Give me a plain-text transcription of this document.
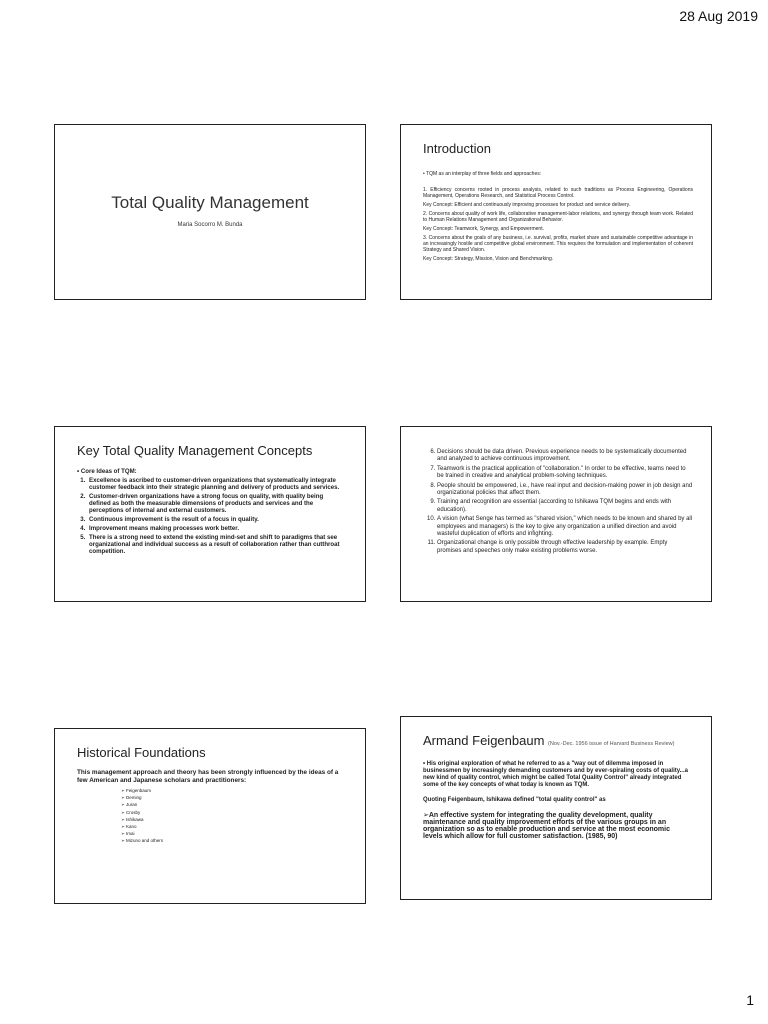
28 Aug 2019
Total Quality Management
Maria Socorro M. Bunda
Introduction

• TQM as an interplay of three fields and approaches:

1. Efficiency concerns rooted in process analysis, related to such traditions as Process Engineering, Operations Management, Operations Research, and Statistical Process Control.

Key Concept: Efficient and continuously improving processes for product and service delivery.

2. Concerns about quality of work life, collaborative management-labor relations, and synergy through team work. Related to Human Relations Management and Organizational Behavior.

Key Concept: Teamwork, Synergy, and Empowerment.

3. Concerns about the goals of any business, i.e. survival, profits, market share and sustainable competitive advantage in an increasingly hostile and competitive global environment. This requires the formulation and implementation of coherent Strategy and Shared Vision.

Key Concept: Strategy, Mission, Vision and Benchmarking.

Key Total Quality Management Concepts
• Core Ideas of TQM:
1. Excellence is ascribed to customer-driven organizations that systematically integrate customer feedback into their strategic planning and delivery of products and services.
2. Customer-driven organizations have a strong focus on quality, with quality being defined as both the measurable dimensions of products and services and the perceptions of internal and external customers.
3. Continuous improvement is the result of a focus in quality.
4. Improvement means making processes work better.
5. There is a strong need to extend the existing mind-set and shift to paradigms that see organizational and individual success as a result of collaboration rather than cutthroat competition.
6. Decisions should be data driven. Previous experience needs to be systematically documented and analyzed to achieve continuous improvement.
7. Teamwork is the practical application of "collaboration." In order to be effective, teams need to be trained in creative and analytical problem-solving techniques.
8. People should be empowered, i.e., have real input and decision-making power in job design and organizational policies that affect them.
9. Training and recognition are essential (according to Ishikawa TQM begins and ends with education).
10. A vision (what Senge has termed as "shared vision," which needs to be known and shared by all employees and managers) is the key to give any organization a unified direction and avoid wasteful duplication of efforts and infighting.
11. Organizational change is only possible through effective leadership by example. Empty promises and speeches only make existing problems worse.
Historical Foundations
This management approach and theory has been strongly influenced by the ideas of a few American and Japanese scholars and practitioners:
➢ Feigenbaum
➢ Deming
➢ Juran
➢ Crosby
➢ Ishikawa
➢ Kano
➢ Imai
➢ Mizuno and others
Armand Feigenbaum (Nov.-Dec. 1956 issue of Harvard Business Review)

• His original exploration of what he referred to as a "way out of dilemma imposed in businessmen by increasingly demanding customers and by ever-spiraling costs of quality...a new kind of quality control, which might be called Total Quality Control" already integrated some of the key concepts of what today is known as TQM.

Quoting Feigenbaum, Ishikawa defined "total quality control" as

➢An effective system for integrating the quality development, quality maintenance and quality improvement efforts of the various groups in an organization so as to enable production and service at the most economic levels which allow for full customer satisfaction. (1985, 90)

1
